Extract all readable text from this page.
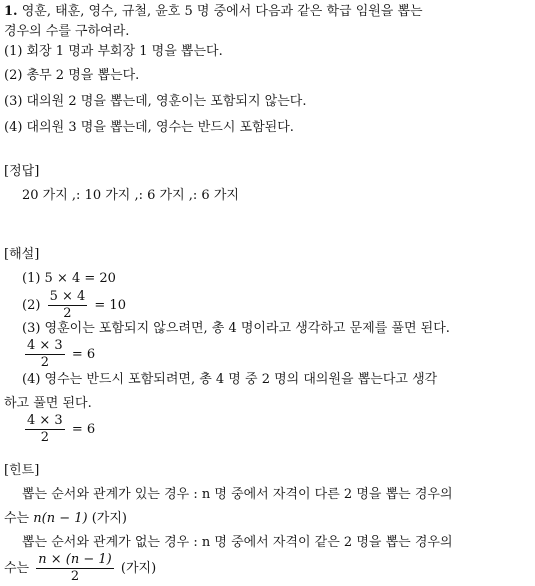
1. 영훈, 태훈, 영수, 규철, 윤호 5 명 중에서 다음과 같은 학급 임원을 뽑는
경우의 수를 구하여라.
(1) 회장 1 명과 부회장 1 명을 뽑는다.
(2) 총무 2 명을 뽑는다.
(3) 대의원 2 명을 뽑는데, 영훈이는 포함되지 않는다.
(4) 대의원 3 명을 뽑는데, 영수는 반드시 포함된다.
[정답]
20 가지 ,: 10 가지 ,: 6 가지 ,: 6 가지
[해설]
(1) 5 × 4 = 20
$(2) \frac{5 \times 4}{2} = 10$
(3) 영훈이는 포함되지 않으려면, 총 4 명이라고 생각하고 문제를 풀면 된다.
$\frac{4 \times 3}{2} = 6$
(4) 영수는 반드시 포함되려면, 총 4 명 중 2 명의 대의원을 뽑는다고 생각
하고 풀면 된다.
$\frac{4 \times 3}{2} = 6$
[힌트]
뽑는 순서와 관계가 있는 경우 : n 명 중에서 자격이 다른 2 명을 뽑는 경우의
수는 n(n − 1) (가지)
뽑는 순서와 관계가 없는 경우 : n 명 중에서 자격이 같은 2 명을 뽑는 경우의
수는 $\frac{n \times (n - 1)}{2}$ (가지)
